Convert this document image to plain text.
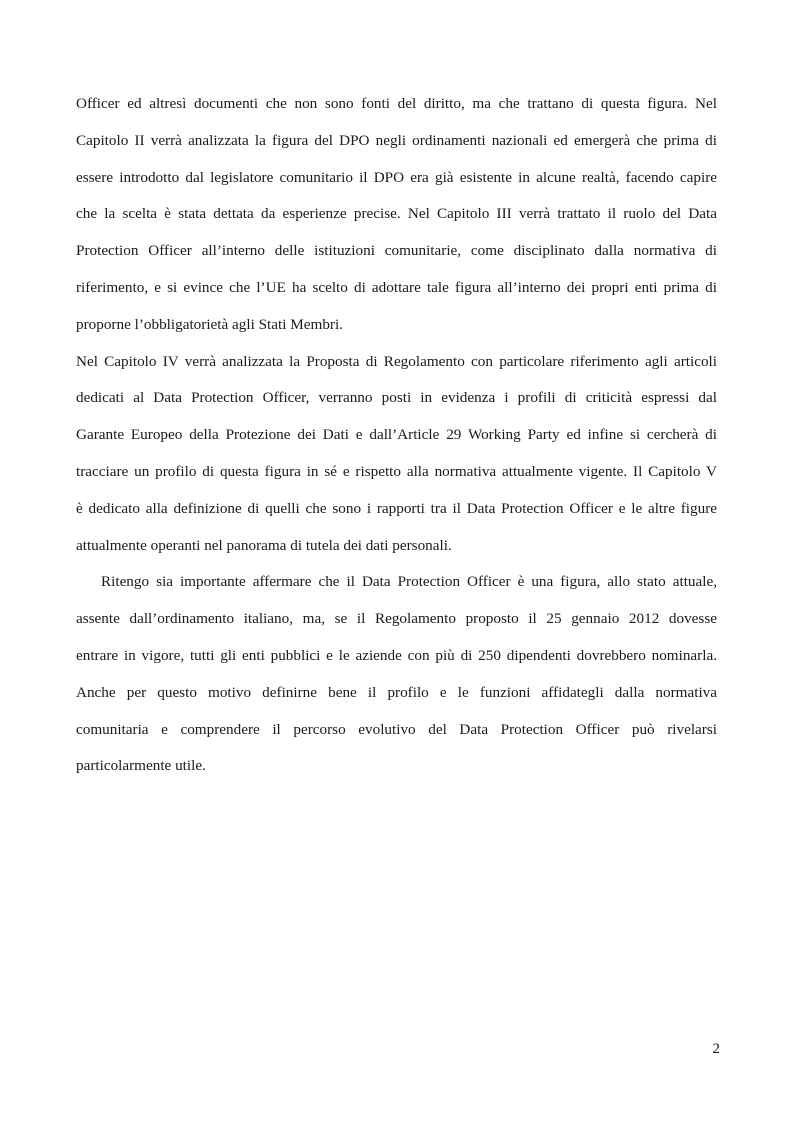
Officer ed altresì documenti che non sono fonti del diritto, ma che trattano di questa figura. Nel
Capitolo II verrà analizzata la figura del DPO negli ordinamenti nazionali ed emergerà che prima di
essere introdotto dal legislatore comunitario il DPO era già esistente in alcune realtà, facendo capire
che la scelta è stata dettata da esperienze precise. Nel Capitolo III verrà trattato il ruolo del Data
Protection Officer all’interno delle istituzioni comunitarie, come disciplinato dalla normativa di
riferimento, e si evince che l’UE ha scelto di adottare tale figura all’interno dei propri enti prima di
proporne l’obbligatorietà agli Stati Membri.
Nel Capitolo IV verrà analizzata la Proposta di Regolamento con particolare riferimento agli articoli
dedicati al Data Protection Officer, verranno posti in evidenza i profili di criticità espressi dal
Garante Europeo della Protezione dei Dati e dall’Article 29 Working Party ed infine si cercherà di
tracciare un profilo di questa figura in sé e rispetto alla normativa attualmente vigente. Il Capitolo V
è dedicato alla definizione di quelli che sono i rapporti tra il Data Protection Officer e le altre figure
attualmente operanti nel panorama di tutela dei dati personali.
Ritengo sia importante affermare che il Data Protection Officer è una figura, allo stato attuale,
assente dall’ordinamento italiano, ma, se il Regolamento proposto il 25 gennaio 2012 dovesse
entrare in vigore, tutti gli enti pubblici e le aziende con più di 250 dipendenti dovrebbero nominarla.
Anche per questo motivo definirne bene il profilo e le funzioni affidategli dalla normativa
comunitaria e comprendere il percorso evolutivo del Data Protection Officer può rivelarsi
particolarmente utile.
2
